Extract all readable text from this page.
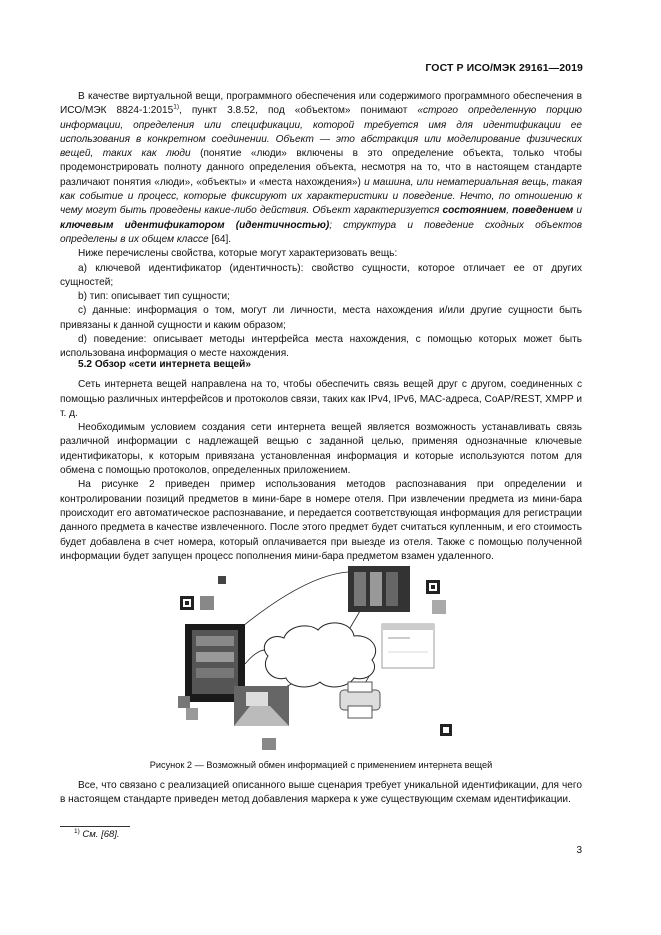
ГОСТ Р ИСО/МЭК 29161—2019

В качестве виртуальной вещи, программного обеспечения или содержимого программного обеспечения в ИСО/МЭК 8824-1:2015$^{1)}$, пункт 3.8.52, под «объектом» понимают «строго определенную порцию информации, определения или спецификации, которой требуется имя для идентификации ее использования в конкретном соединении. Объект — это абстракция или моделирование физических вещей, таких как люди (понятие «люди» включены в это определение объекта, только чтобы продемонстрировать полноту данного определения объекта, несмотря на то, что в настоящем стандарте различают понятия «люди», «объекты» и «места нахождения») и машина, или нематериальная вещь, такая как событие и процесс, которые фиксируют их характеристики и поведение. Нечто, по отношению к чему могут быть проведены какие-либо действия. Объект характеризуется состоянием, поведением и ключевым идентификатором (идентичностью); структура и поведение сходных объектов определены в их общем классе [64].

Ниже перечислены свойства, которые могут характеризовать вещь:

a) ключевой идентификатор (идентичность): свойство сущности, которое отличает ее от других сущностей;

b) тип: описывает тип сущности;

c) данные: информация о том, могут ли личности, места нахождения и/или другие сущности быть привязаны к данной сущности и каким образом;

d) поведение: описывает методы интерфейса места нахождения, с помощью которых может быть использована информация о месте нахождения.

5.2 Обзор «сети интернета вещей»

Сеть интернета вещей направлена на то, чтобы обеспечить связь вещей друг с другом, соединенных с помощью различных интерфейсов и протоколов связи, таких как IPv4, IPv6, MAC-адреса, CoAP/REST, XMPP и т. д.

Необходимым условием создания сети интернета вещей является возможность устанавливать связь различной информации с надлежащей вещью с заданной целью, применяя однозначные ключевые идентификаторы, к которым привязана установленная информация и которые используются потом для обмена с помощью протоколов, определенных приложением.

На рисунке 2 приведен пример использования методов распознавания при определении и контролировании позиций предметов в мини-баре в номере отеля. При извлечении предмета из мини-бара происходит его автоматическое распознавание, и передается соответствующая информация для регистрации данного предмета в качестве извлеченного. После этого предмет будет считаться купленным, и его стоимость будет добавлена в счет номера, который оплачивается при выезде из отеля. Также с помощью полученной информации будет запущен процесс пополнения мини-бара предметом взамен удаленного.

Рисунок 2 — Возможный обмен информацией с применением интернета вещей

Все, что связано с реализацией описанного выше сценария требует уникальной идентификации, для чего в настоящем стандарте приведен метод добавления маркера к уже существующим схемам идентификации.

$^{1)}$ См. [68].
3
